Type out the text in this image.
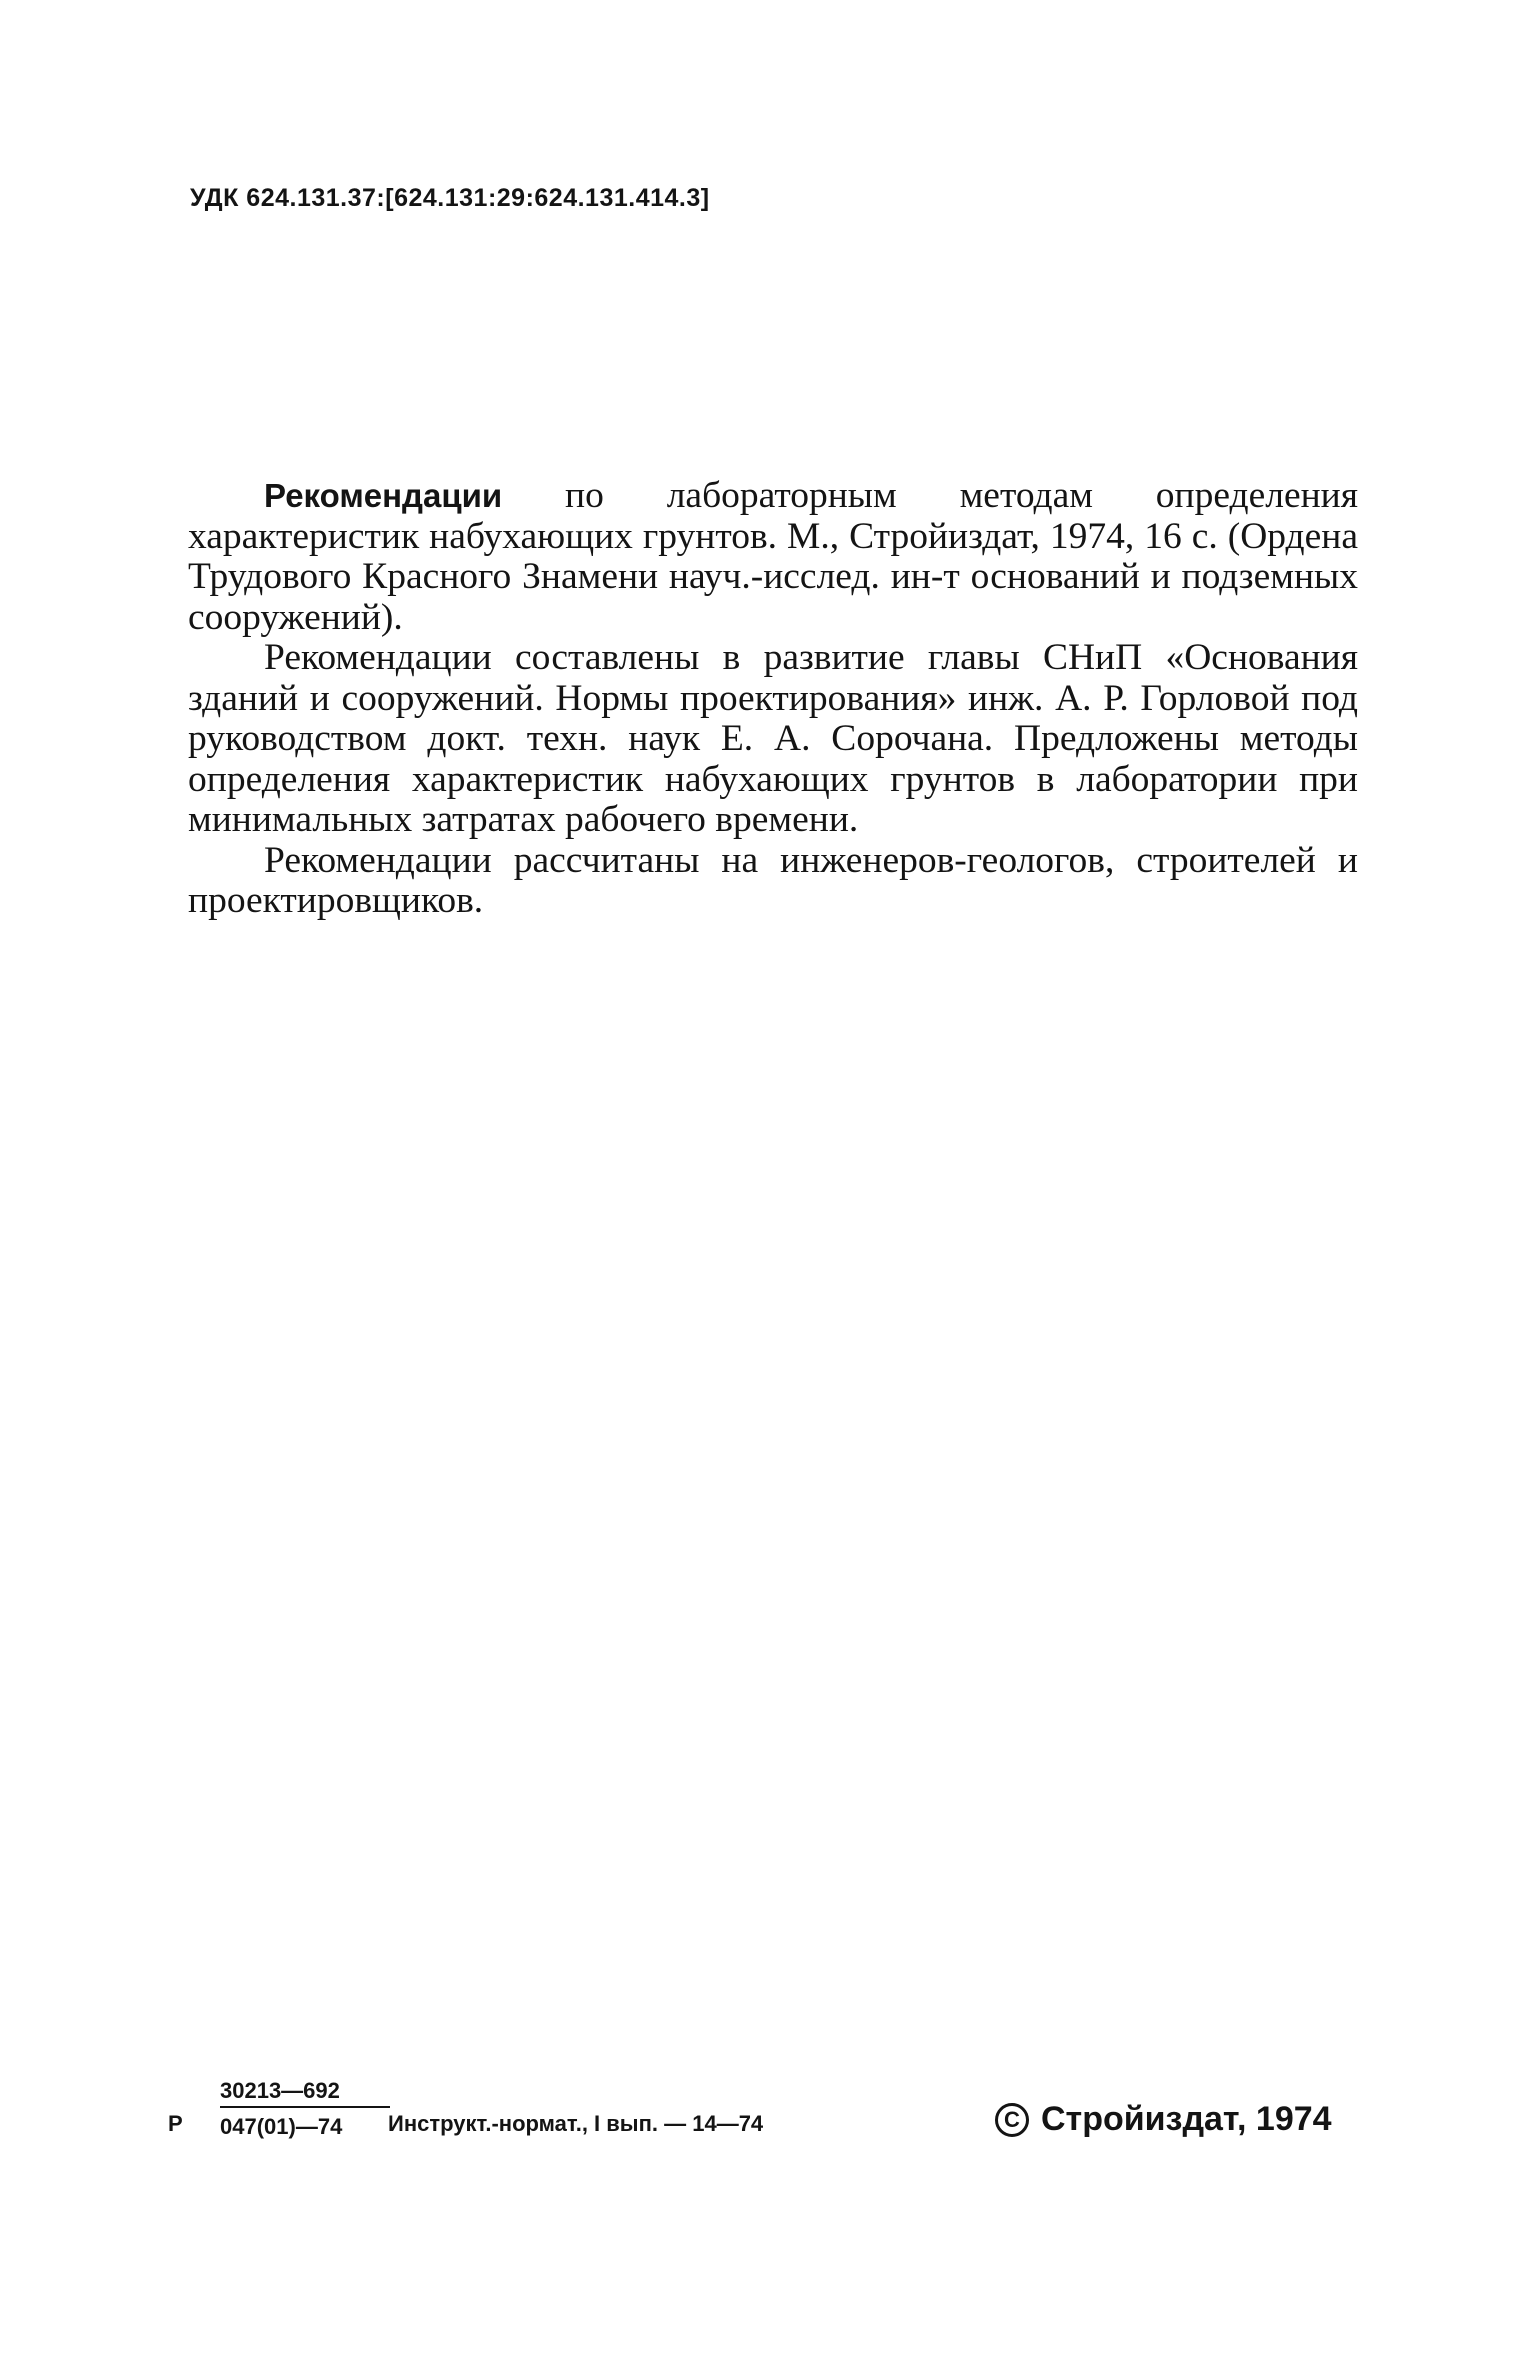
УДК 624.131.37:[624.131:29:624.131.414.3]

Рекомендации по лабораторным методам определения характеристик набухающих грунтов. М., Стройиздат, 1974, 16 с. (Ордена Трудового Красного Знамени науч.-исслед. ин-т оснований и подземных сооружений).

Рекомендации составлены в развитие главы СНиП «Основания зданий и сооружений. Нормы проектирования» инж. А. Р. Горловой под руководством докт. техн. наук Е. А. Сорочана. Предложены методы определения характеристик набухающих грунтов в лаборатории при минимальных затратах рабочего времени.

Рекомендации рассчитаны на инженеров-геологов, строителей и проектировщиков.

Р $\frac{30213—692}{047(01)—74}$
Инструкт.-нормат., I вып. — 14—74	C Стройиздат, 1974
